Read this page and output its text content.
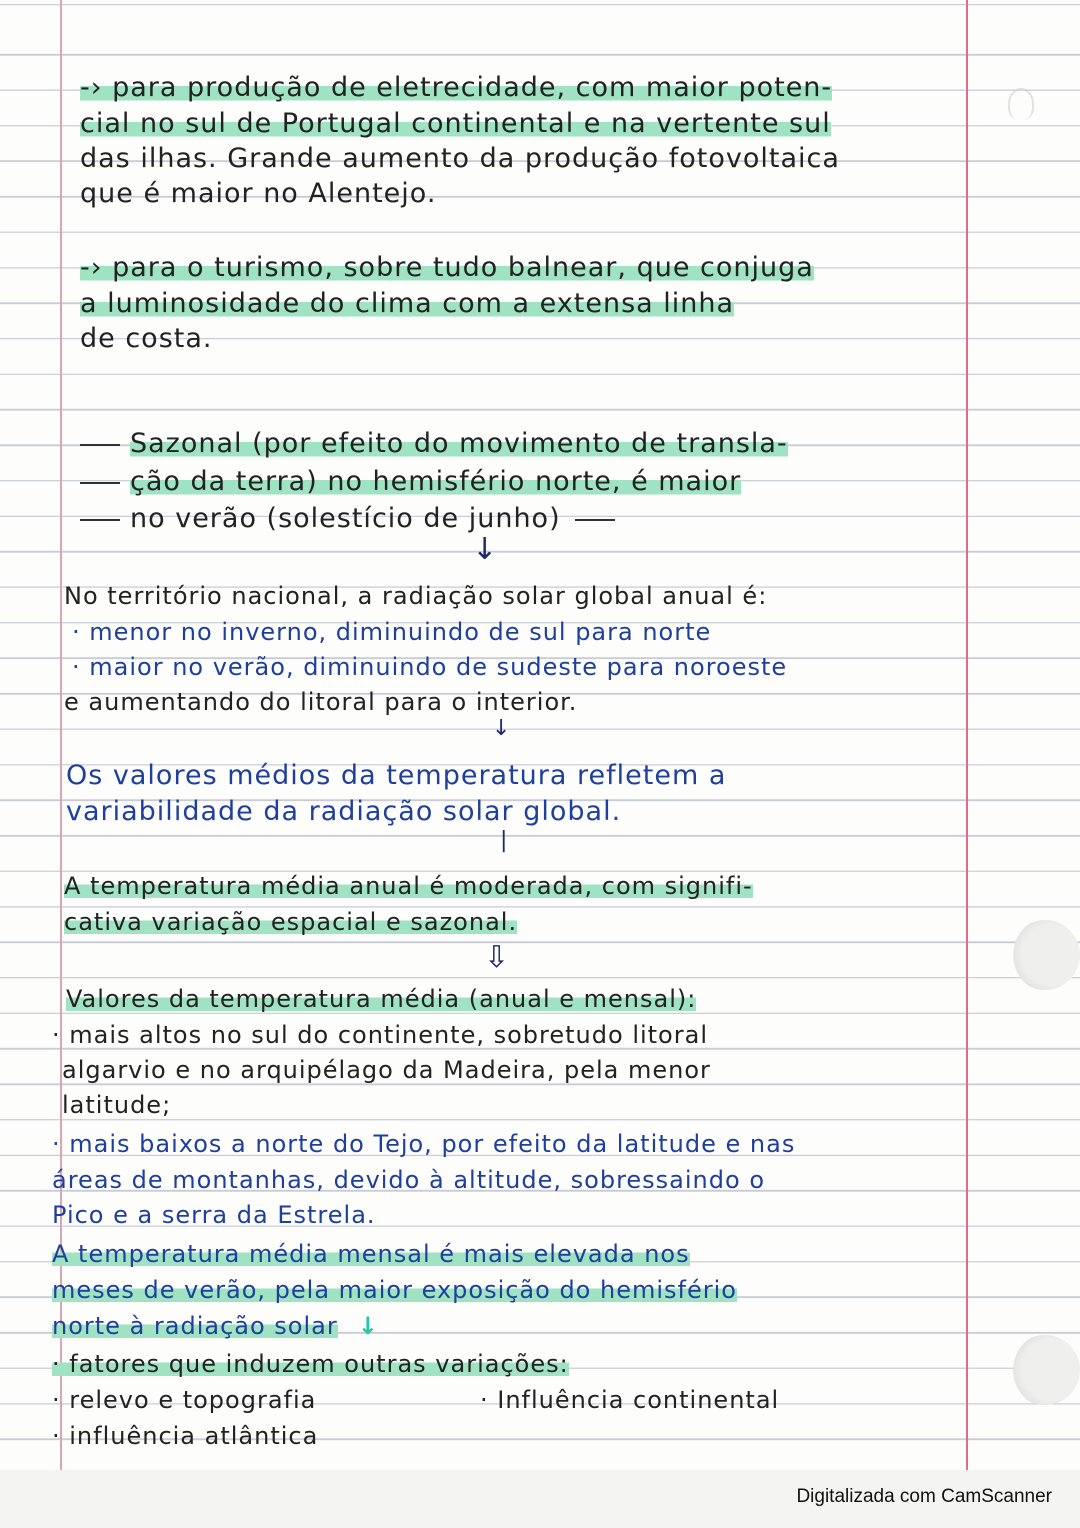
-› para produção de eletrecidade, com maior poten-
cial no sul de Portugal continental e na vertente sul
das ilhas. Grande aumento da produção fotovoltaica
que é maior no Alentejo.
-› para o turismo, sobre tudo balnear, que conjuga
a luminosidade do clima com a extensa linha
de costa.
Sazonal (por efeito do movimento de transla-
ção da terra) no hemisfério norte, é maior
no verão (solestício de junho)
↓
No território nacional, a radiação solar global anual é:
· menor no inverno, diminuindo de sul para norte
· maior no verão, diminuindo de sudeste para noroeste
e aumentando do litoral para o interior.
↓
Os valores médios da temperatura refletem a
variabilidade da radiação solar global.
|
A temperatura média anual é moderada, com signifi-
cativa variação espacial e sazonal.
⇩
Valores da temperatura média (anual e mensal):
· mais altos no sul do continente, sobretudo litoral
algarvio e no arquipélago da Madeira, pela menor
latitude;
· mais baixos a norte do Tejo, por efeito da latitude e nas
áreas de montanhas, devido à altitude, sobressaindo o
Pico e a serra da Estrela.
A temperatura média mensal é mais elevada nos
meses de verão, pela maior exposição do hemisfério
norte à radiação solar ↓
· fatores que induzem outras variações:
· relevo e topografia	· Influência continental
· influência atlântica
Digitalizada com CamScanner
